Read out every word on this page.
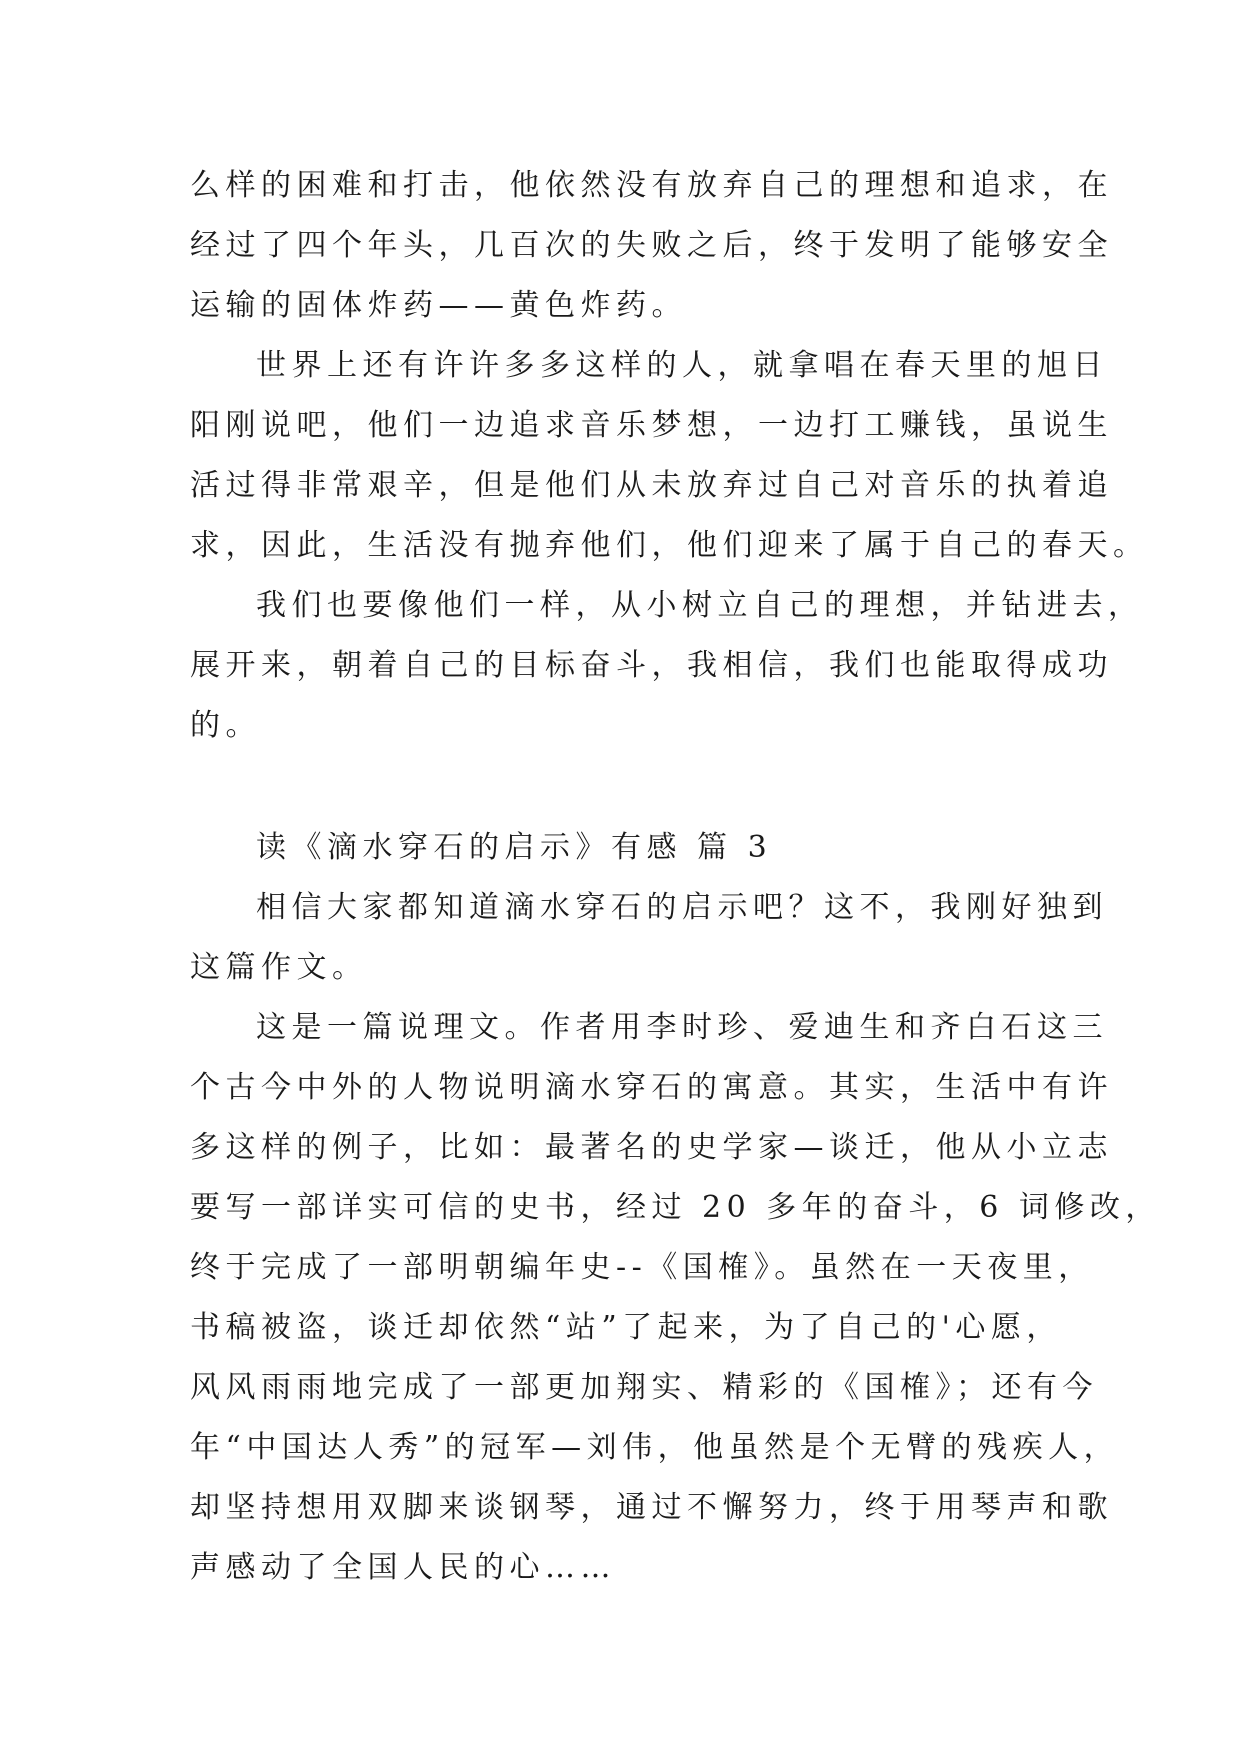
么样的困难和打击，他依然没有放弃自己的理想和追求，在

经过了四个年头，几百次的失败之后，终于发明了能够安全

运输的固体炸药——黄色炸药。

世界上还有许许多多这样的人，就拿唱在春天里的旭日

阳刚说吧，他们一边追求音乐梦想，一边打工赚钱，虽说生

活过得非常艰辛，但是他们从未放弃过自己对音乐的执着追

求，因此，生活没有抛弃他们，他们迎来了属于自己的春天。

我们也要像他们一样，从小树立自己的理想，并钻进去，

展开来，朝着自己的目标奋斗，我相信，我们也能取得成功

的。

读《滴水穿石的启示》有感 篇 3

相信大家都知道滴水穿石的启示吧？这不，我刚好独到

这篇作文。

这是一篇说理文。作者用李时珍、爱迪生和齐白石这三

个古今中外的人物说明滴水穿石的寓意。其实，生活中有许

多这样的例子，比如：最著名的史学家—谈迁，他从小立志

要写一部详实可信的史书，经过 20 多年的奋斗，6 词修改，

终于完成了一部明朝编年史--《国榷》。虽然在一天夜里，

书稿被盗，谈迁却依然“站”了起来，为了自己的'心愿，

风风雨雨地完成了一部更加翔实、精彩的《国榷》；还有今

年“中国达人秀”的冠军—刘伟，他虽然是个无臂的残疾人，

却坚持想用双脚来谈钢琴，通过不懈努力，终于用琴声和歌

声感动了全国人民的心……
